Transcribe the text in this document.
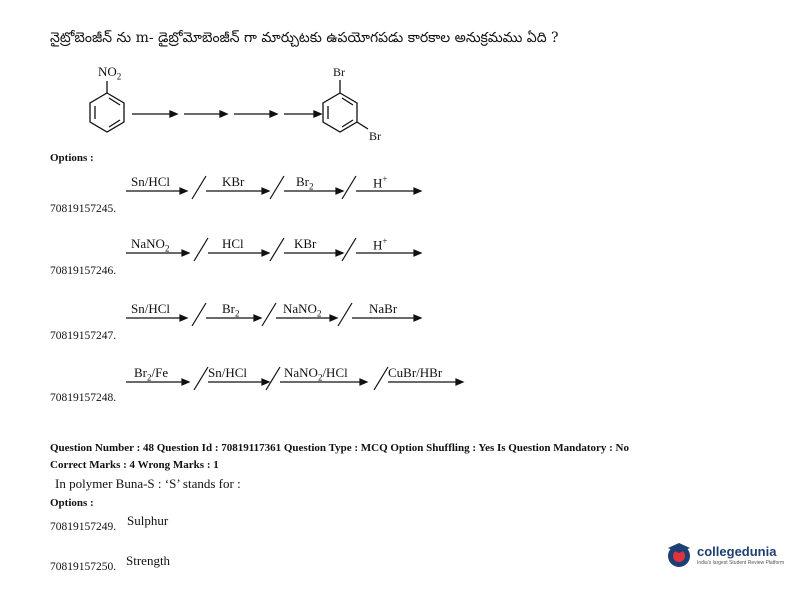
నైట్రోబెంజీన్ ను m- డైబ్రోమోబెంజీన్ గా మార్చుటకు ఉపయోగపడు కారకాల అనుక్రమము ఏది ?
$NO_2$	Br
Br
Options :
Sn/HCl	KBr	$Br_2$	H+
70819157245.
NaNO$_2$	HCl	KBr	H+
70819157246.
Sn/HCl	$Br_2$	NaNO$_2$	NaBr
70819157247.
$Br_2/Fe$	Sn/HCl	NaNO$_2$/HCl	CuBr/HBr
70819157248.
Question Number : 48 Question Id : 70819117361 Question Type : MCQ Option Shuffling : Yes Is Question Mandatory : No
Correct Marks : 4 Wrong Marks : 1
In polymer Buna-S : ‘S’ stands for :
Options :
70819157249. Sulphur
70819157250. Strength
collegedunia
India's largest Student Review Platform
